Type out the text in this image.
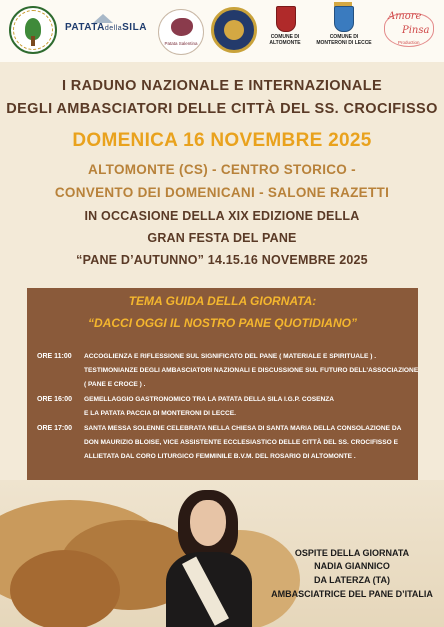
PATATAdellaSILA
Patata Salentina
COMUNE DI ALTOMONTE
COMUNE DI MONTERONI DI LECCE
Amore
Pinsa
Production
I RADUNO NAZIONALE E INTERNAZIONALE
DEGLI AMBASCIATORI DELLE CITTÀ DEL SS. CROCIFISSO
DOMENICA 16 NOVEMBRE 2025
ALTOMONTE (CS) - CENTRO STORICO -
CONVENTO DEI DOMENICANI - SALONE RAZETTI
IN OCCASIONE DELLA XIX EDIZIONE DELLA
GRAN FESTA DEL PANE
“PANE D’AUTUNNO” 14.15.16 NOVEMBRE 2025
TEMA GUIDA DELLA GIORNATA:
“DACCI OGGI IL NOSTRO PANE QUOTIDIANO”
ORE 11:00 ACCOGLIENZA E RIFLESSIONE SUL SIGNIFICATO DEL PANE ( MATERIALE E SPIRITUALE ) .
TESTIMONIANZE DEGLI AMBASCIATORI NAZIONALI E DISCUSSIONE SUL FUTURO DELL’ASSOCIAZIONE
( PANE E CROCE ) .
ORE 16:00 GEMELLAGGIO GASTRONOMICO TRA LA PATATA DELLA SILA I.G.P. COSENZA
E LA PATATA PACCIA DI MONTERONI DI LECCE.
ORE 17:00 SANTA MESSA SOLENNE CELEBRATA NELLA CHIESA DI SANTA MARIA DELLA CONSOLAZIONE DA
DON MAURIZIO BLOISE, VICE ASSISTENTE ECCLESIASTICO DELLE CITTÀ DEL SS. CROCIFISSO E
ALLIETATA DAL CORO LITURGICO FEMMINILE B.V.M. DEL ROSARIO DI ALTOMONTE .
OSPITE DELLA GIORNATA
NADIA GIANNICO
DA LATERZA (TA)
AMBASCIATRICE DEL PANE D’ITALIA
